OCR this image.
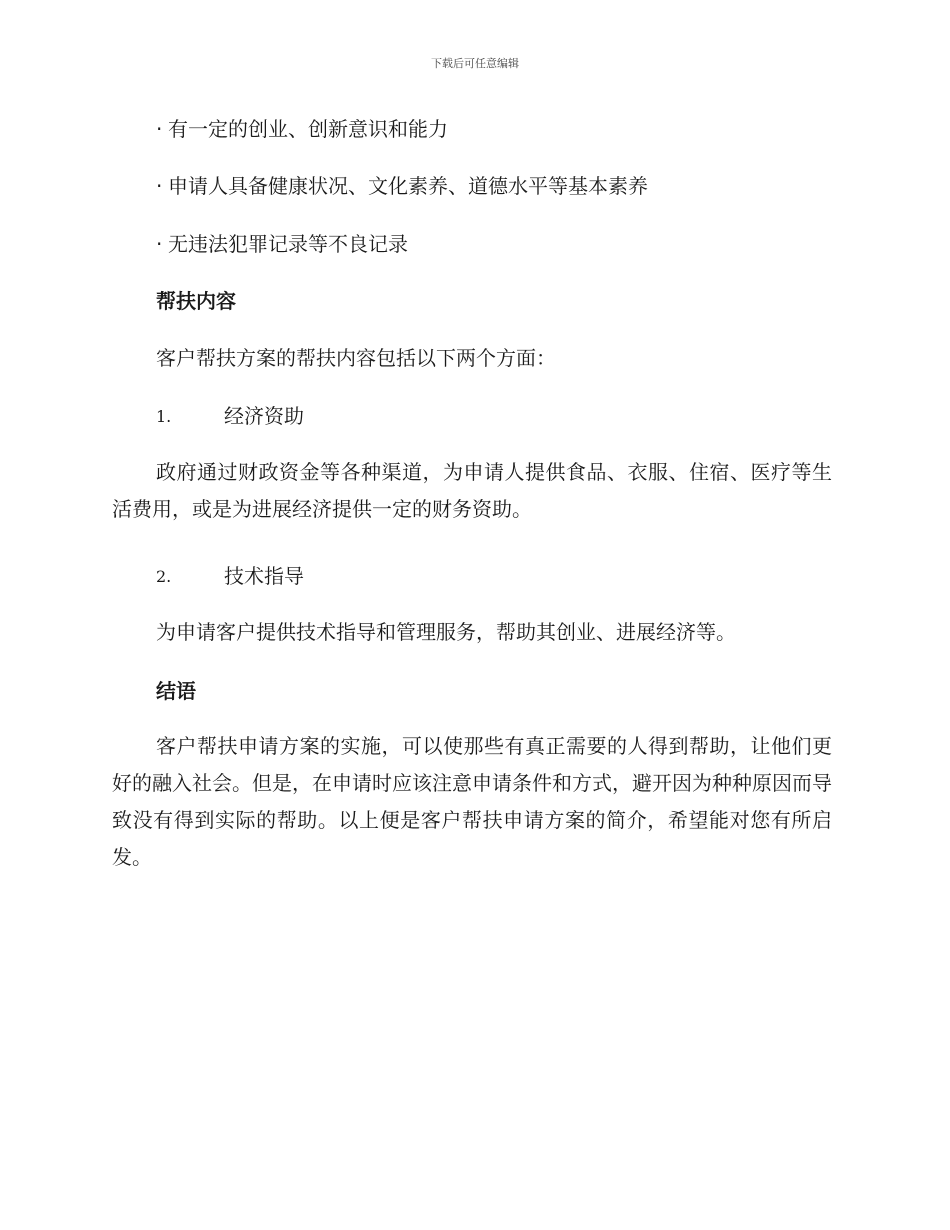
下载后可任意编辑
· 有一定的创业、创新意识和能力
· 申请人具备健康状况、文化素养、道德水平等基本素养
· 无违法犯罪记录等不良记录
帮扶内容
客户帮扶方案的帮扶内容包括以下两个方面：
1.	经济资助
政府通过财政资金等各种渠道，为申请人提供食品、衣服、住宿、医疗等生活费用，或是为进展经济提供一定的财务资助。
2.	技术指导
为申请客户提供技术指导和管理服务，帮助其创业、进展经济等。
结语
客户帮扶申请方案的实施，可以使那些有真正需要的人得到帮助，让他们更好的融入社会。但是，在申请时应该注意申请条件和方式，避开因为种种原因而导致没有得到实际的帮助。以上便是客户帮扶申请方案的简介，希望能对您有所启发。
